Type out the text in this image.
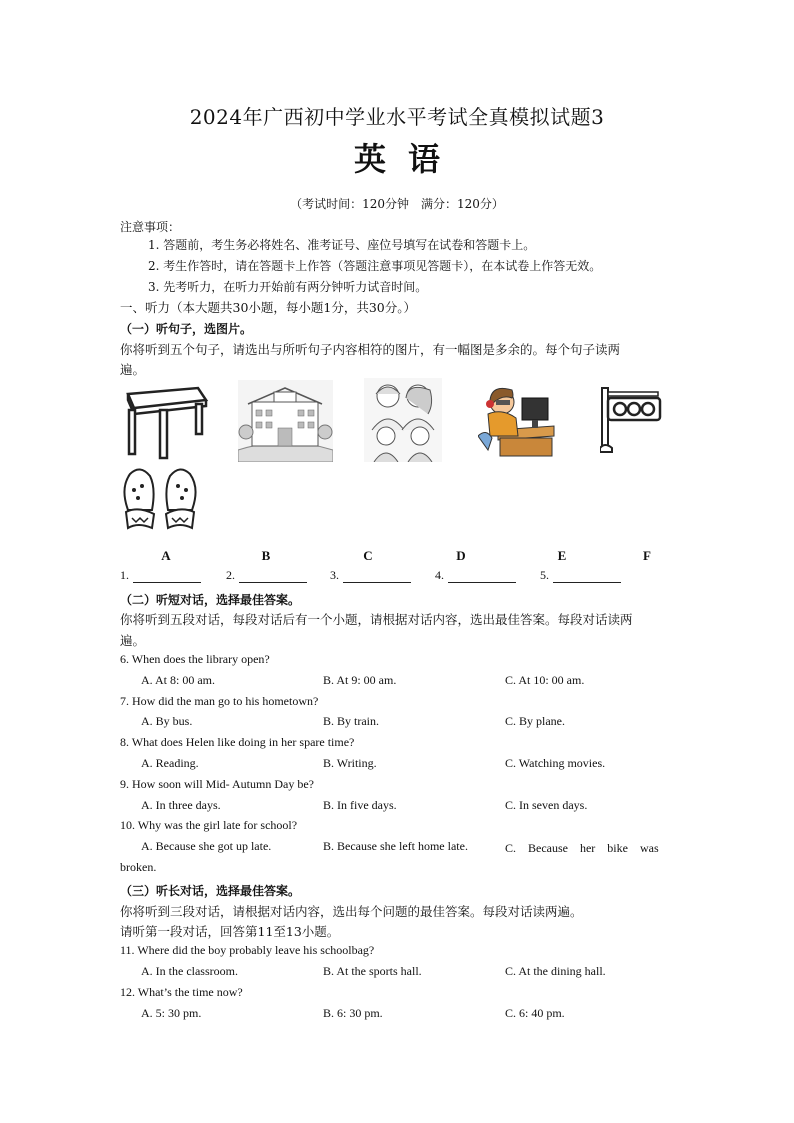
2024年广西初中学业水平考试全真模拟试题3
英语
（考试时间：120分钟　满分：120分）
注意事项：
1. 答题前，考生务必将姓名、准考证号、座位号填写在试卷和答题卡上。
2. 考生作答时，请在答题卡上作答（答题注意事项见答题卡），在本试卷上作答无效。
3. 先考听力，在听力开始前有两分钟听力试音时间。
一、听力（本大题共30小题，每小题1分，共30分。）
（一）听句子，选图片。
你将听到五个句子，请选出与所听句子内容相符的图片，有一幅图是多余的。每个句子读两
遍。
A	B	C	D	E	F
1.	2.	3.	4.	5.
（二）听短对话，选择最佳答案。
你将听到五段对话，每段对话后有一个小题，请根据对话内容，选出最佳答案。每段对话读两
遍。
6. When does the library open?
A. At 8: 00 am.	B. At 9: 00 am.	C. At 10: 00 am.
7. How did the man go to his hometown?
A. By bus.	B. By train.	C. By plane.
8. What does Helen like doing in her spare time?
A. Reading.	B. Writing.	C. Watching movies.
9. How soon will Mid- Autumn Day be?
A. In three days.	B. In five days.	C. In seven days.
10. Why was the girl late for school?
A. Because she got up late.	B. Because she left home late.	C.　Because　her　bike　was
broken.
（三）听长对话，选择最佳答案。
你将听到三段对话，请根据对话内容，选出每个问题的最佳答案。每段对话读两遍。
请听第一段对话，回答第11至13小题。
11. Where did the boy probably leave his schoolbag?
A. In the classroom.	B. At the sports hall.	C. At the dining hall.
12. What’s the time now?
A. 5: 30 pm.	B. 6: 30 pm.	C. 6: 40 pm.
